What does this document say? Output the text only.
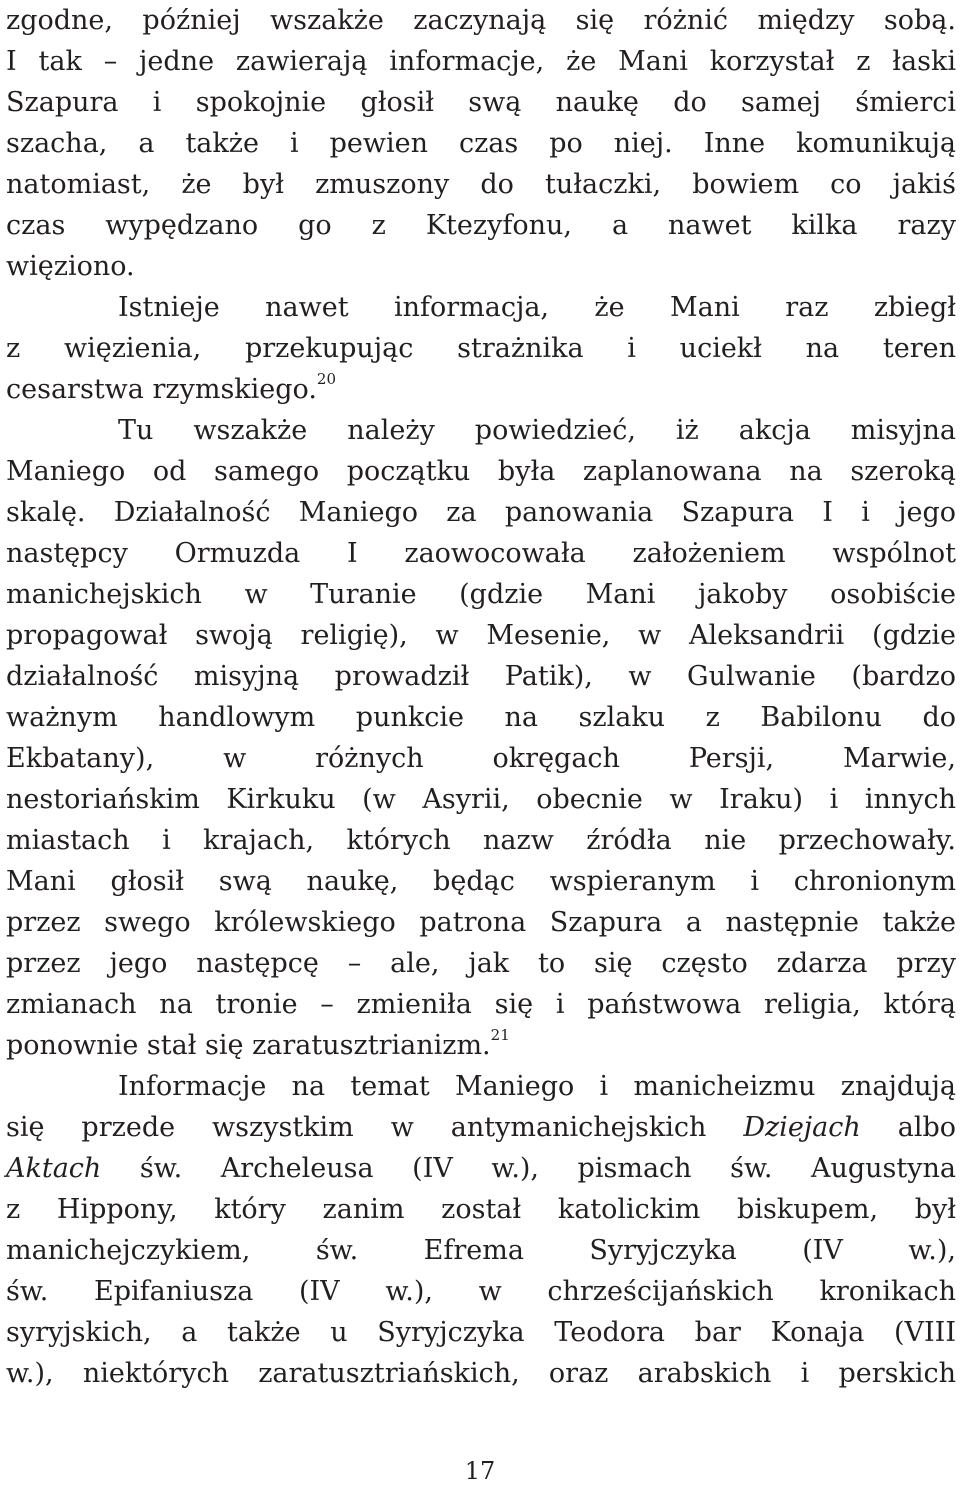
zgodne, później wszakże zaczynają się różnić między sobą.
I tak – jedne zawierają informacje, że Mani korzystał z łaski
Szapura i spokojnie głosił swą naukę do samej śmierci
szacha, a także i pewien czas po niej. Inne komunikują
natomiast, że był zmuszony do tułaczki, bowiem co jakiś
czas wypędzano go z Ktezyfonu, a nawet kilka razy
więziono.
Istnieje nawet informacja, że Mani raz zbiegł
z więzienia, przekupując strażnika i uciekł na teren
cesarstwa rzymskiego.$^{20}$
Tu wszakże należy powiedzieć, iż akcja misyjna
Maniego od samego początku była zaplanowana na szeroką
skalę. Działalność Maniego za panowania Szapura I i jego
następcy Ormuzda I zaowocowała założeniem wspólnot
manichejskich w Turanie (gdzie Mani jakoby osobiście
propagował swoją religię), w Mesenie, w Aleksandrii (gdzie
działalność misyjną prowadził Patik), w Gulwanie (bardzo
ważnym handlowym punkcie na szlaku z Babilonu do
Ekbatany), w różnych okręgach Persji, Marwie,
nestoriańskim Kirkuku (w Asyrii, obecnie w Iraku) i innych
miastach i krajach, których nazw źródła nie przechowały.
Mani głosił swą naukę, będąc wspieranym i chronionym
przez swego królewskiego patrona Szapura a następnie także
przez jego następcę – ale, jak to się często zdarza przy
zmianach na tronie – zmieniła się i państwowa religia, którą
ponownie stał się zaratusztrianizm.$^{21}$
Informacje na temat Maniego i manicheizmu znajdują
się przede wszystkim w antymanichejskich Dziejach albo
Aktach św. Archeleusa (IV w.), pismach św. Augustyna
z Hippony, który zanim został katolickim biskupem, był
manichejczykiem, św. Efrema Syryjczyka (IV w.),
św. Epifaniusza (IV w.), w chrześcijańskich kronikach
syryjskich, a także u Syryjczyka Teodora bar Konaja (VIII
w.), niektórych zaratusztriańskich, oraz arabskich i perskich
17
